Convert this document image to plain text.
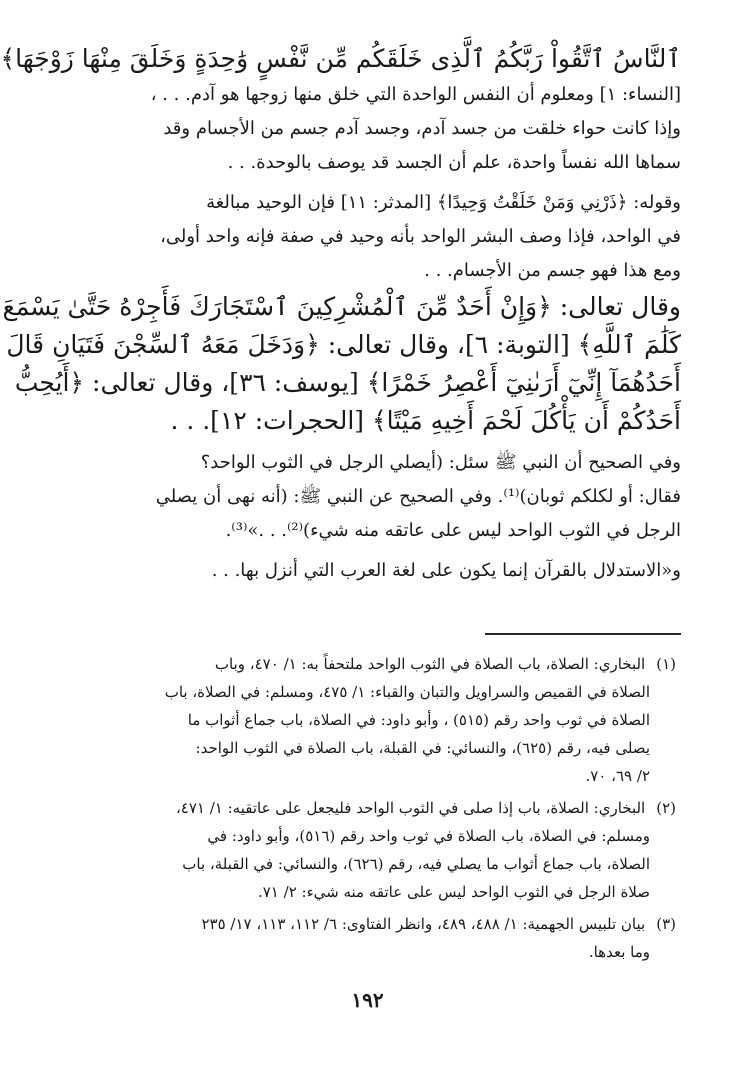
ٱلنَّاسُ ٱتَّقُواْ رَبَّكُمُ ٱلَّذِى خَلَقَكُم مِّن نَّفْسٍ وَٰحِدَةٍ وَخَلَقَ مِنْهَا زَوْجَهَا﴾
[النساء: ١] ومعلوم أن النفس الواحدة التي خلق منها زوجها هو آدم. . . ،
وإذا كانت حواء خلقت من جسد آدم، وجسد آدم جسم من الأجسام وقد
سماها الله نفساً واحدة، علم أن الجسد قد يوصف بالوحدة. . .
وقوله: ﴿ذَرْنِي وَمَنْ خَلَقْتُ وَحِيدًا﴾ [المدثر: ١١] فإن الوحيد مبالغة
في الواحد، فإذا وصف البشر الواحد بأنه وحيد في صفة فإنه واحد أولى،
ومع هذا فهو جسم من الأجسام. . .
وقال تعالى: ﴿وَإِنْ أَحَدٌ مِّنَ ٱلْمُشْرِكِينَ ٱسْتَجَارَكَ فَأَجِرْهُ حَتَّىٰ يَسْمَعَ
كَلَٰمَ ٱللَّهِ﴾ [التوبة: ٦]، وقال تعالى: ﴿وَدَخَلَ مَعَهُ ٱلسِّجْنَ فَتَيَانِ قَالَ
أَحَدُهُمَآ إِنِّيٓ أَرَىٰنِيٓ أَعْصِرُ خَمْرًا﴾ [يوسف: ٣٦]، وقال تعالى: ﴿أَيُحِبُّ
أَحَدُكُمْ أَن يَأْكُلَ لَحْمَ أَخِيهِ مَيْتًا﴾ [الحجرات: ١٢]. . .
وفي الصحيح أن النبي ﷺ سئل: (أيصلي الرجل في الثوب الواحد؟
فقال: أو لكلكم ثوبان)⁽¹⁾. وفي الصحيح عن النبي ﷺ: (أنه نهى أن يصلي
الرجل في الثوب الواحد ليس على عاتقه منه شيء)⁽²⁾. . .»⁽³⁾.
و«الاستدلال بالقرآن إنما يكون على لغة العرب التي أنزل بها. . .
(١) البخاري: الصلاة، باب الصلاة في الثوب الواحد ملتحفاً به: ١/ ٤٧٠، وباب
الصلاة في القميص والسراويل والتبان والقباء: ١/ ٤٧٥، ومسلم: في الصلاة، باب
الصلاة في ثوب واحد رقم (٥١٥) ، وأبو داود: في الصلاة، باب جماع أثواب ما
يصلى فيه، رقم (٦٢٥)، والنسائي: في القبلة، باب الصلاة في الثوب الواحد:
٢/ ٦٩، ٧٠.
(٢) البخاري: الصلاة، باب إذا صلى في الثوب الواحد فليجعل على عاتقيه: ١/ ٤٧١،
ومسلم: في الصلاة، باب الصلاة في ثوب واحد رقم (٥١٦)، وأبو داود: في
الصلاة، باب جماع أثواب ما يصلي فيه، رقم (٦٢٦)، والنسائي: في القبلة، باب
صلاة الرجل في الثوب الواحد ليس على عاتقه منه شيء: ٢/ ٧١.
(٣) بيان تلبيس الجهمية: ١/ ٤٨٨، ٤٨٩، وانظر الفتاوى: ٦/ ١١٢، ١١٣، ١٧/ ٢٣٥
وما بعدها.
١٩٢
